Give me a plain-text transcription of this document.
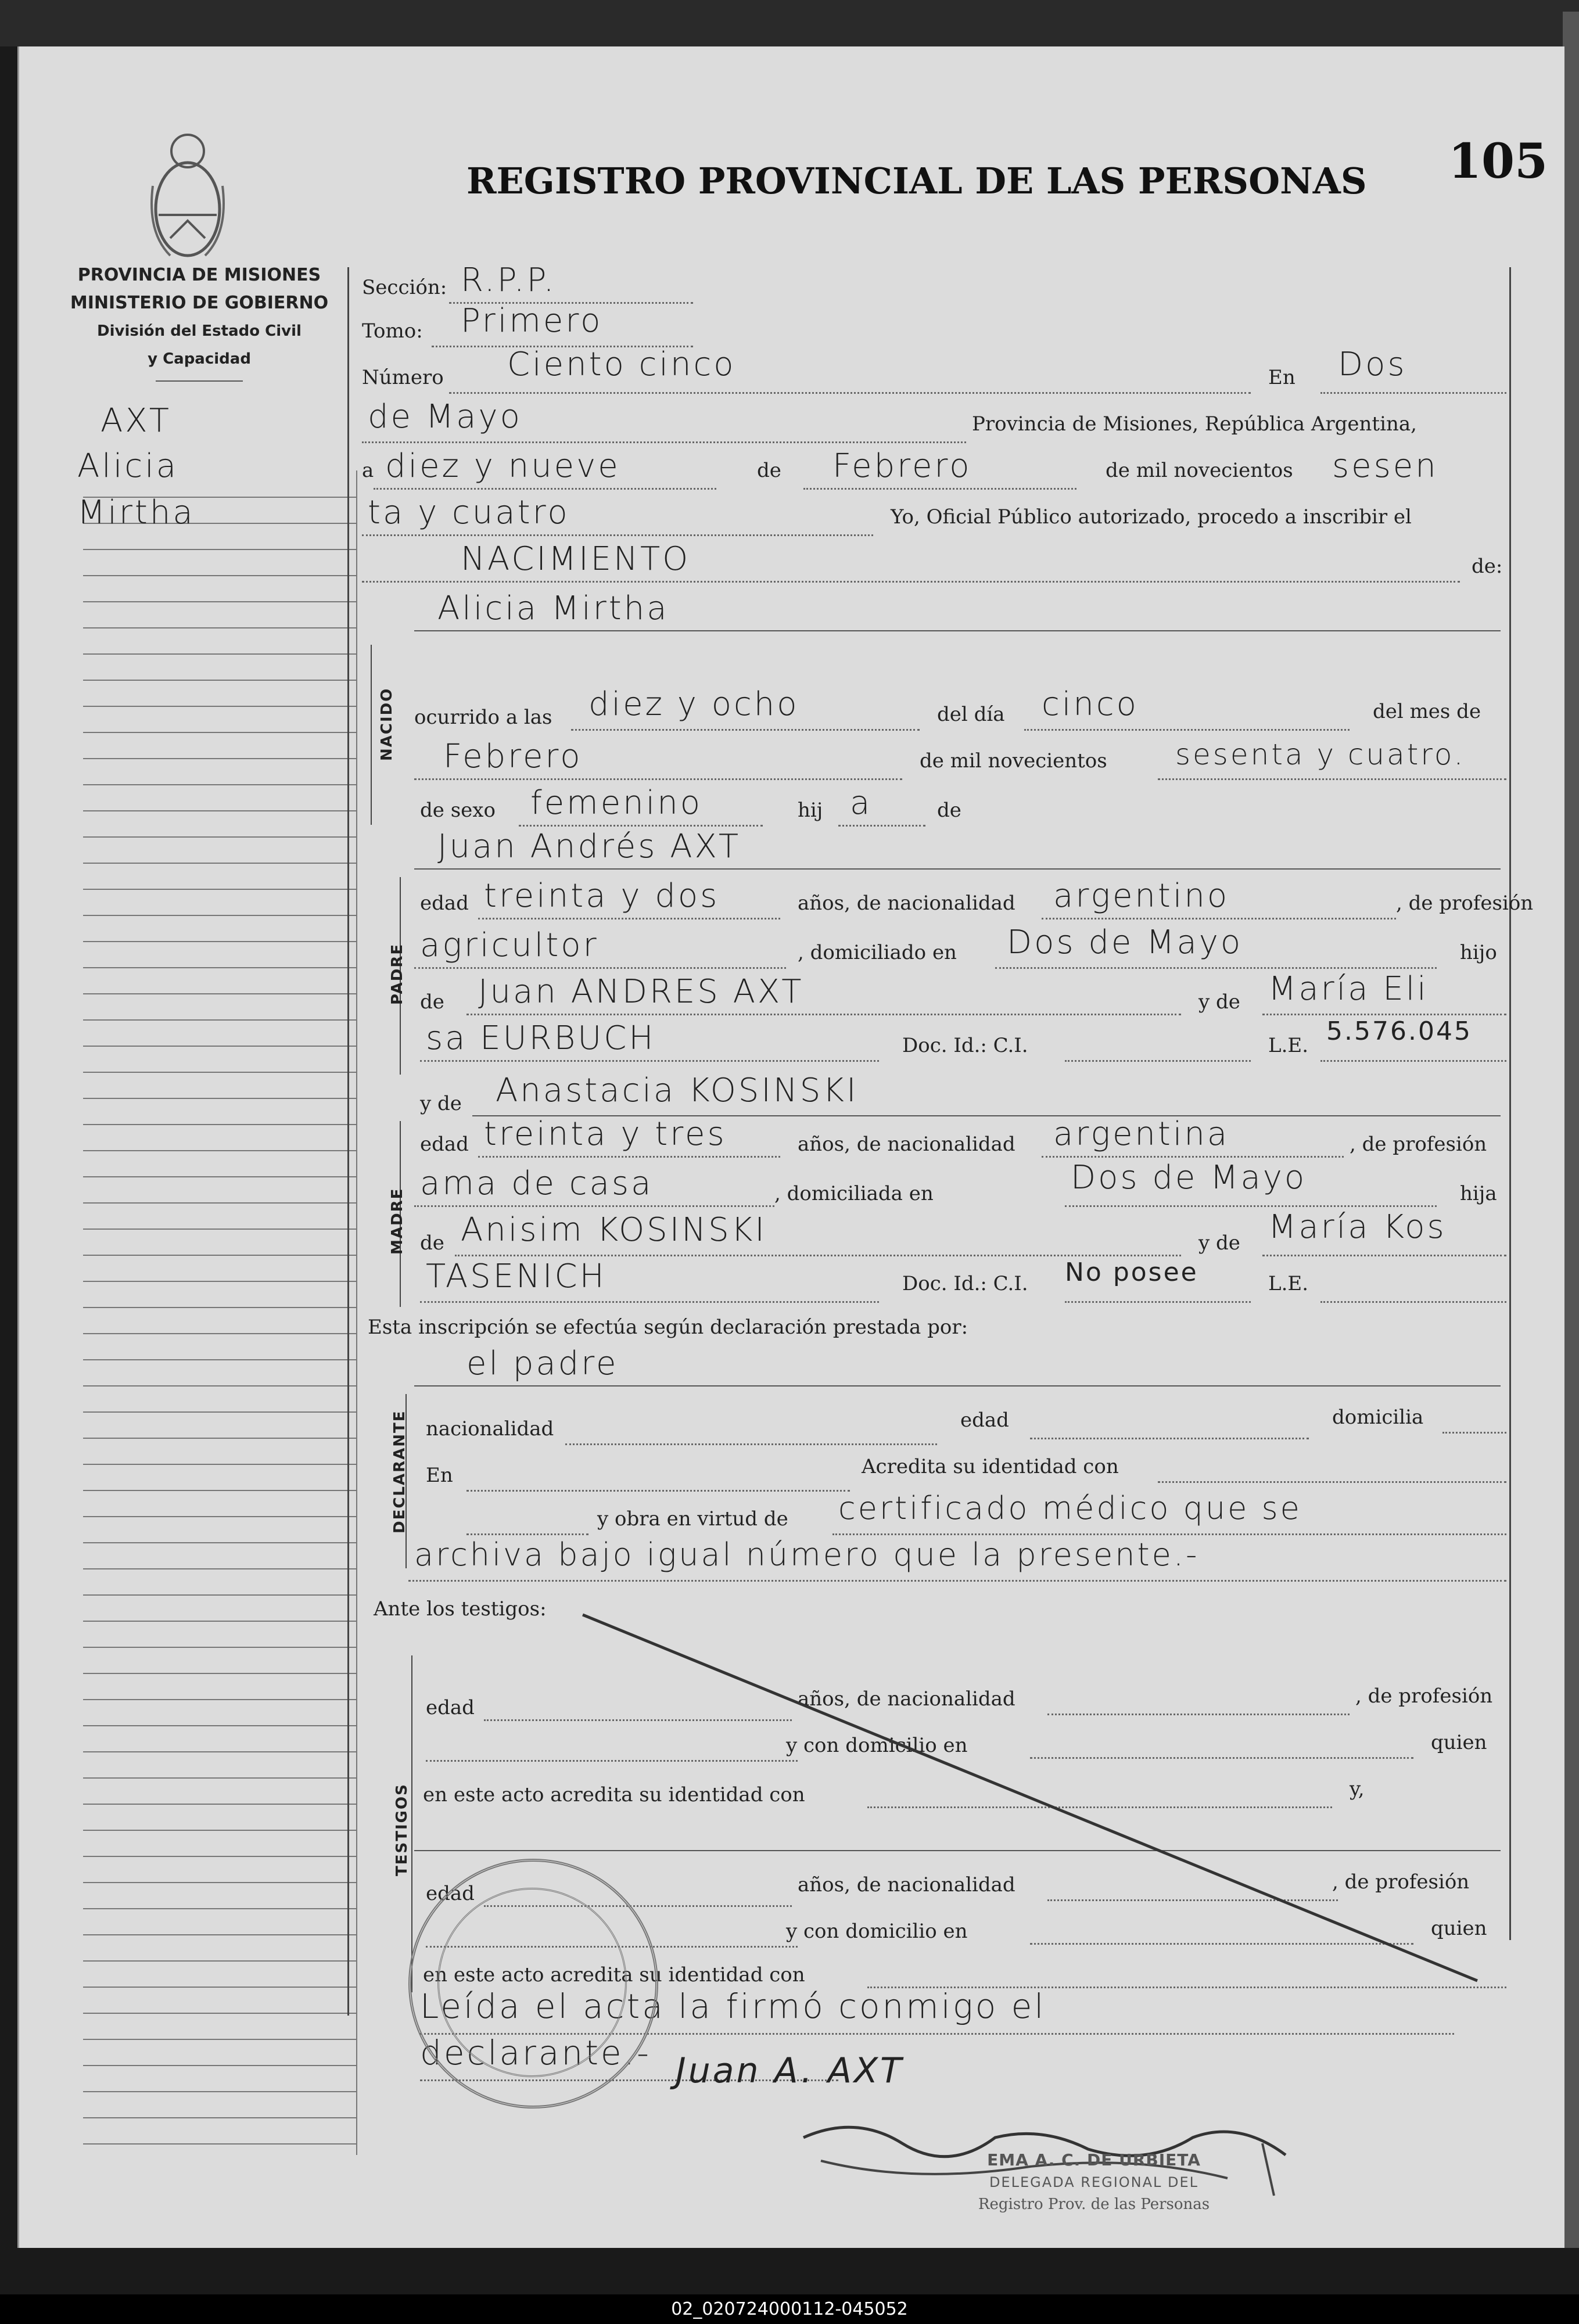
REGISTRO PROVINCIAL DE LAS PERSONAS 105
PROVINCIA DE MISIONES
MINISTERIO DE GOBIERNO
División del Estado Civil
y Capacidad
AXT
Alicia
Mirtha
Sección: R.P.P.
Tomo: Primero
Número Ciento cinco	En Dos
de Mayo	Provincia de Misiones, República Argentina,
a diez y nueve	de Febrero	de mil novecientos sesen
ta y cuatro	Yo, Oficial Público autorizado, procedo a inscribir el
NACIMIENTO	de:
NACIDO
Alicia Mirtha
ocurrido a las diez y ocho	del día cinco	del mes de
Febrero	de mil novecientos sesenta y cuatro.
de sexo femenino	hij a	de
Juan Andrés AXT
PADRE
edad treinta y dos	años, de nacionalidad argentino	, de profesión
agricultor	, domiciliado en Dos de Mayo	hijo
de Juan ANDRES AXT	y de María Eli
sa EURBUCH	Doc. Id.: C.I.	L.E. 5.576.045
y de Anastacia KOSINSKI
MADRE
edad treinta y tres	años, de nacionalidad argentina	, de profesión
ama de casa	, domiciliada en	Dos de Mayo	hija
de Anisim KOSINSKI	y de María Kos
TASENICH	Doc. Id.: C.I. No posee	L.E.
Esta inscripción se efectúa según declaración prestada por:
el padre
DECLARANTE nacionalidad	edad	domicilia
En	Acredita su identidad con
y obra en virtud de certificado médico que se
archiva bajo igual número que la presente.-
Ante los testigos:
TESTIGOS
edad	años, de nacionalidad	, de profesión
y con domicilio en	quien
en este acto acredita su identidad con	y,
edad	años, de nacionalidad	, de profesión
y con domicilio en	quien
en este acto acredita su identidad con
Leída el acta la firmó conmigo el
declarante.- Juan A. AXT
EMA A. C. DE URBIETA
DELEGADA REGIONAL DEL
Registro Prov. de las Personas
02_020724000112-045052
